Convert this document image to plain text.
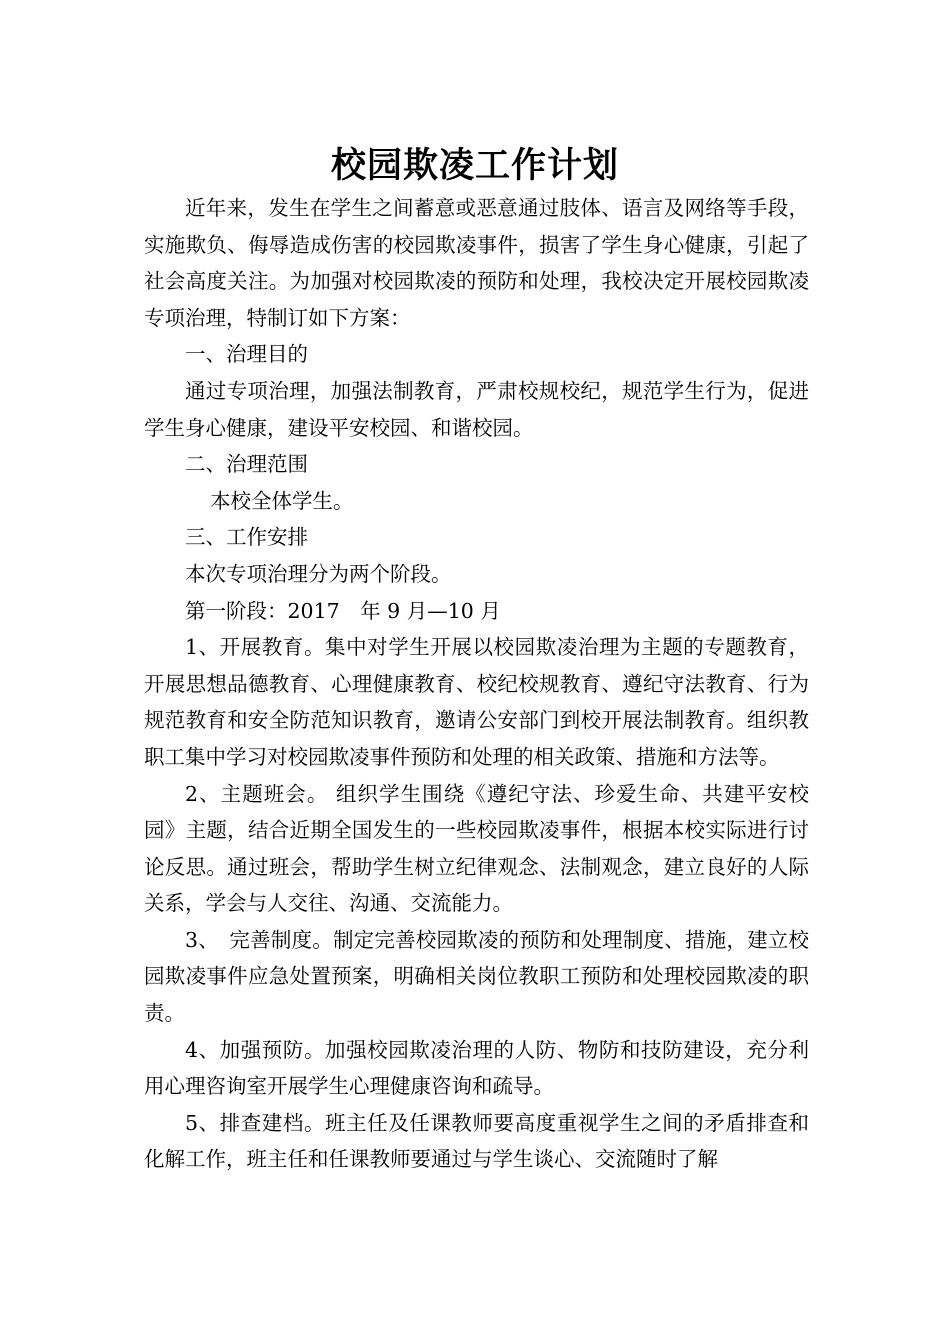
校园欺凌工作计划

近年来，发生在学生之间蓄意或恶意通过肢体、语言及网络等手段，实施欺负、侮辱造成伤害的校园欺凌事件，损害了学生身心健康，引起了社会高度关注。为加强对校园欺凌的预防和处理，我校决定开展校园欺凌专项治理，特制订如下方案：

一、治理目的

通过专项治理，加强法制教育，严肃校规校纪，规范学生行为，促进学生身心健康，建设平安校园、和谐校园。

二、治理范围

本校全体学生。

三、工作安排

本次专项治理分为两个阶段。

第一阶段：2017　年 9 月—10 月

1、开展教育。集中对学生开展以校园欺凌治理为主题的专题教育，开展思想品德教育、心理健康教育、校纪校规教育、遵纪守法教育、行为规范教育和安全防范知识教育，邀请公安部门到校开展法制教育。组织教职工集中学习对校园欺凌事件预防和处理的相关政策、措施和方法等。

2、主题班会。 组织学生围绕《遵纪守法、珍爱生命、共建平安校园》主题，结合近期全国发生的一些校园欺凌事件，根据本校实际进行讨论反思。通过班会，帮助学生树立纪律观念、法制观念，建立良好的人际关系，学会与人交往、沟通、交流能力。

3、　完善制度。制定完善校园欺凌的预防和处理制度、措施，建立校园欺凌事件应急处置预案，明确相关岗位教职工预防和处理校园欺凌的职责。

4、加强预防。加强校园欺凌治理的人防、物防和技防建设，充分利用心理咨询室开展学生心理健康咨询和疏导。

5、排查建档。班主任及任课教师要高度重视学生之间的矛盾排查和化解工作，班主任和任课教师要通过与学生谈心、交流随时了解
